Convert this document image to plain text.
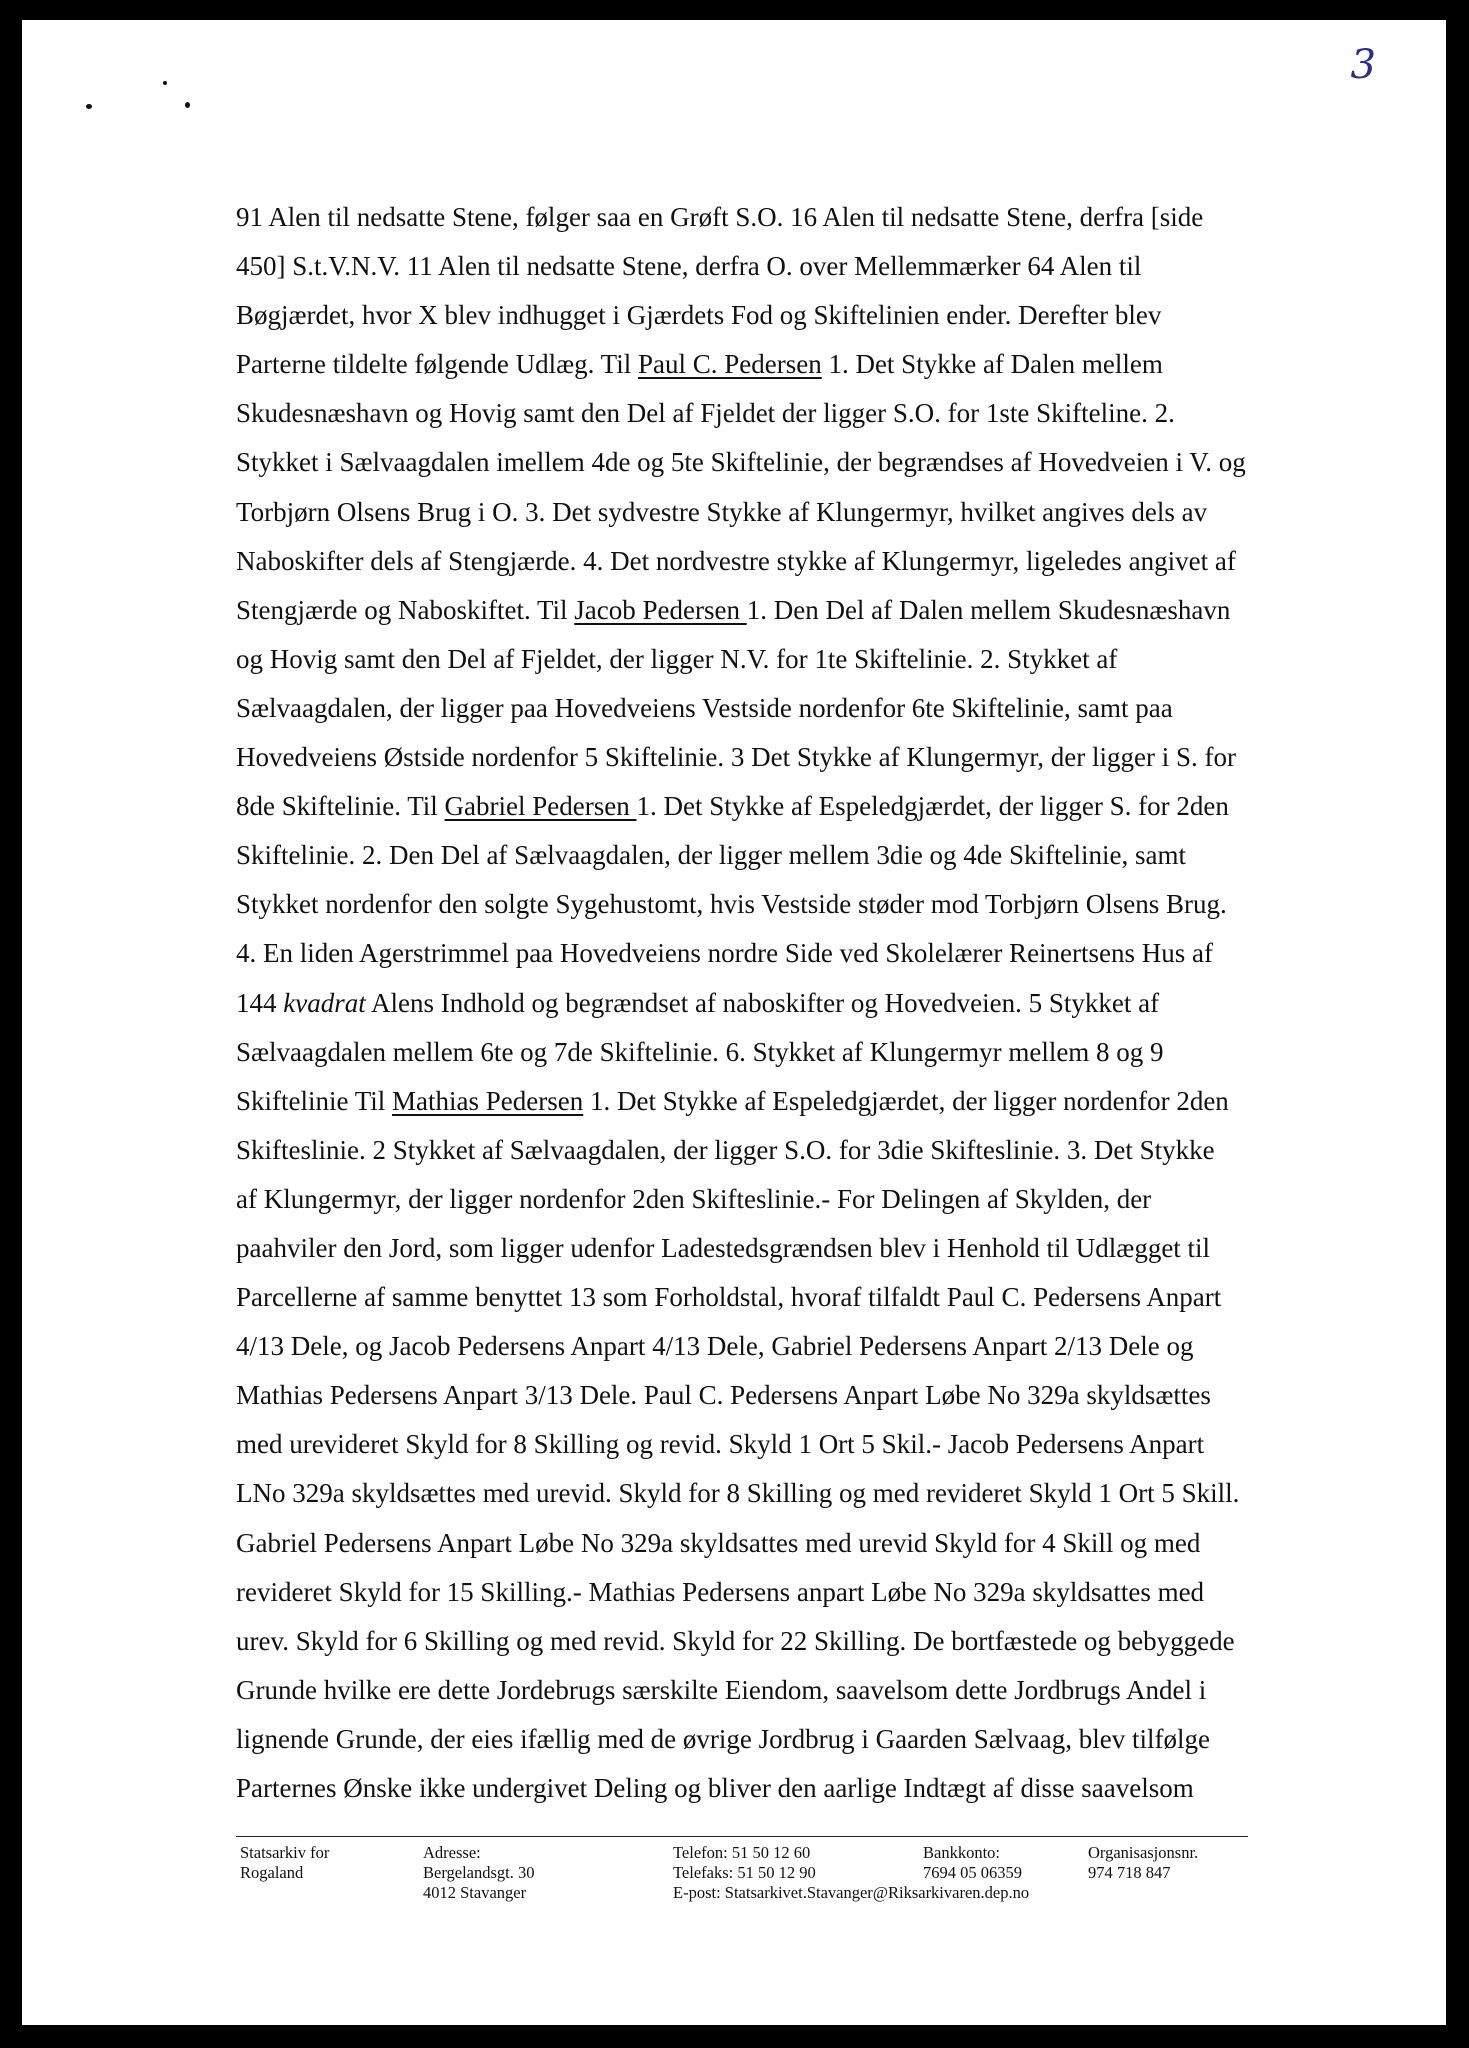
3
91 Alen til nedsatte Stene, følger saa en Grøft S.O. 16 Alen til nedsatte Stene, derfra [side
450] S.t.V.N.V. 11 Alen til nedsatte Stene, derfra O. over Mellemmærker 64 Alen til
Bøgjærdet, hvor X blev indhugget i Gjærdets Fod og Skiftelinien ender. Derefter blev
Parterne tildelte følgende Udlæg. Til Paul C. Pedersen 1. Det Stykke af Dalen mellem
Skudesnæshavn og Hovig samt den Del af Fjeldet der ligger S.O. for 1ste Skifteline. 2.
Stykket i Sælvaagdalen imellem 4de og 5te Skiftelinie, der begrændses af Hovedveien i V. og
Torbjørn Olsens Brug i O. 3. Det sydvestre Stykke af Klungermyr, hvilket angives dels av
Naboskifter dels af Stengjærde. 4. Det nordvestre stykke af Klungermyr, ligeledes angivet af
Stengjærde og Naboskiftet. Til Jacob Pedersen 1. Den Del af Dalen mellem Skudesnæshavn
og Hovig samt den Del af Fjeldet, der ligger N.V. for 1te Skiftelinie. 2. Stykket af
Sælvaagdalen, der ligger paa Hovedveiens Vestside nordenfor 6te Skiftelinie, samt paa
Hovedveiens Østside nordenfor 5 Skiftelinie. 3 Det Stykke af Klungermyr, der ligger i S. for
8de Skiftelinie. Til Gabriel Pedersen 1. Det Stykke af Espeledgjærdet, der ligger S. for 2den
Skiftelinie. 2. Den Del af Sælvaagdalen, der ligger mellem 3die og 4de Skiftelinie, samt
Stykket nordenfor den solgte Sygehustomt, hvis Vestside støder mod Torbjørn Olsens Brug.
4. En liden Agerstrimmel paa Hovedveiens nordre Side ved Skolelærer Reinertsens Hus af
144 kvadrat Alens Indhold og begrændset af naboskifter og Hovedveien. 5 Stykket af
Sælvaagdalen mellem 6te og 7de Skiftelinie. 6. Stykket af Klungermyr mellem 8 og 9
Skiftelinie Til Mathias Pedersen 1. Det Stykke af Espeledgjærdet, der ligger nordenfor 2den
Skifteslinie. 2 Stykket af Sælvaagdalen, der ligger S.O. for 3die Skifteslinie. 3. Det Stykke
af Klungermyr, der ligger nordenfor 2den Skifteslinie.- For Delingen af Skylden, der
paahviler den Jord, som ligger udenfor Ladestedsgrændsen blev i Henhold til Udlægget til
Parcellerne af samme benyttet 13 som Forholdstal, hvoraf tilfaldt Paul C. Pedersens Anpart
4/13 Dele, og Jacob Pedersens Anpart 4/13 Dele, Gabriel Pedersens Anpart 2/13 Dele og
Mathias Pedersens Anpart 3/13 Dele. Paul C. Pedersens Anpart Løbe No 329a skyldsættes
med urevideret Skyld for 8 Skilling og revid. Skyld 1 Ort 5 Skil.- Jacob Pedersens Anpart
LNo 329a skyldsættes med urevid. Skyld for 8 Skilling og med revideret Skyld 1 Ort 5 Skill.
Gabriel Pedersens Anpart Løbe No 329a skyldsattes med urevid Skyld for 4 Skill og med
revideret Skyld for 15 Skilling.- Mathias Pedersens anpart Løbe No 329a skyldsattes med
urev. Skyld for 6 Skilling og med revid. Skyld for 22 Skilling. De bortfæstede og bebyggede
Grunde hvilke ere dette Jordebrugs særskilte Eiendom, saavelsom dette Jordbrugs Andel i
lignende Grunde, der eies ifællig med de øvrige Jordbrug i Gaarden Sælvaag, blev tilfølge
Parternes Ønske ikke undergivet Deling og bliver den aarlige Indtægt af disse saavelsom
Statsarkiv for
Rogaland
Adresse:
Bergelandsgt. 30
4012 Stavanger
Telefon: 51 50 12 60
Telefaks: 51 50 12 90
E-post: Statsarkivet.Stavanger@Riksarkivaren.dep.no
Bankkonto:
7694 05 06359
Organisasjonsnr.
974 718 847
